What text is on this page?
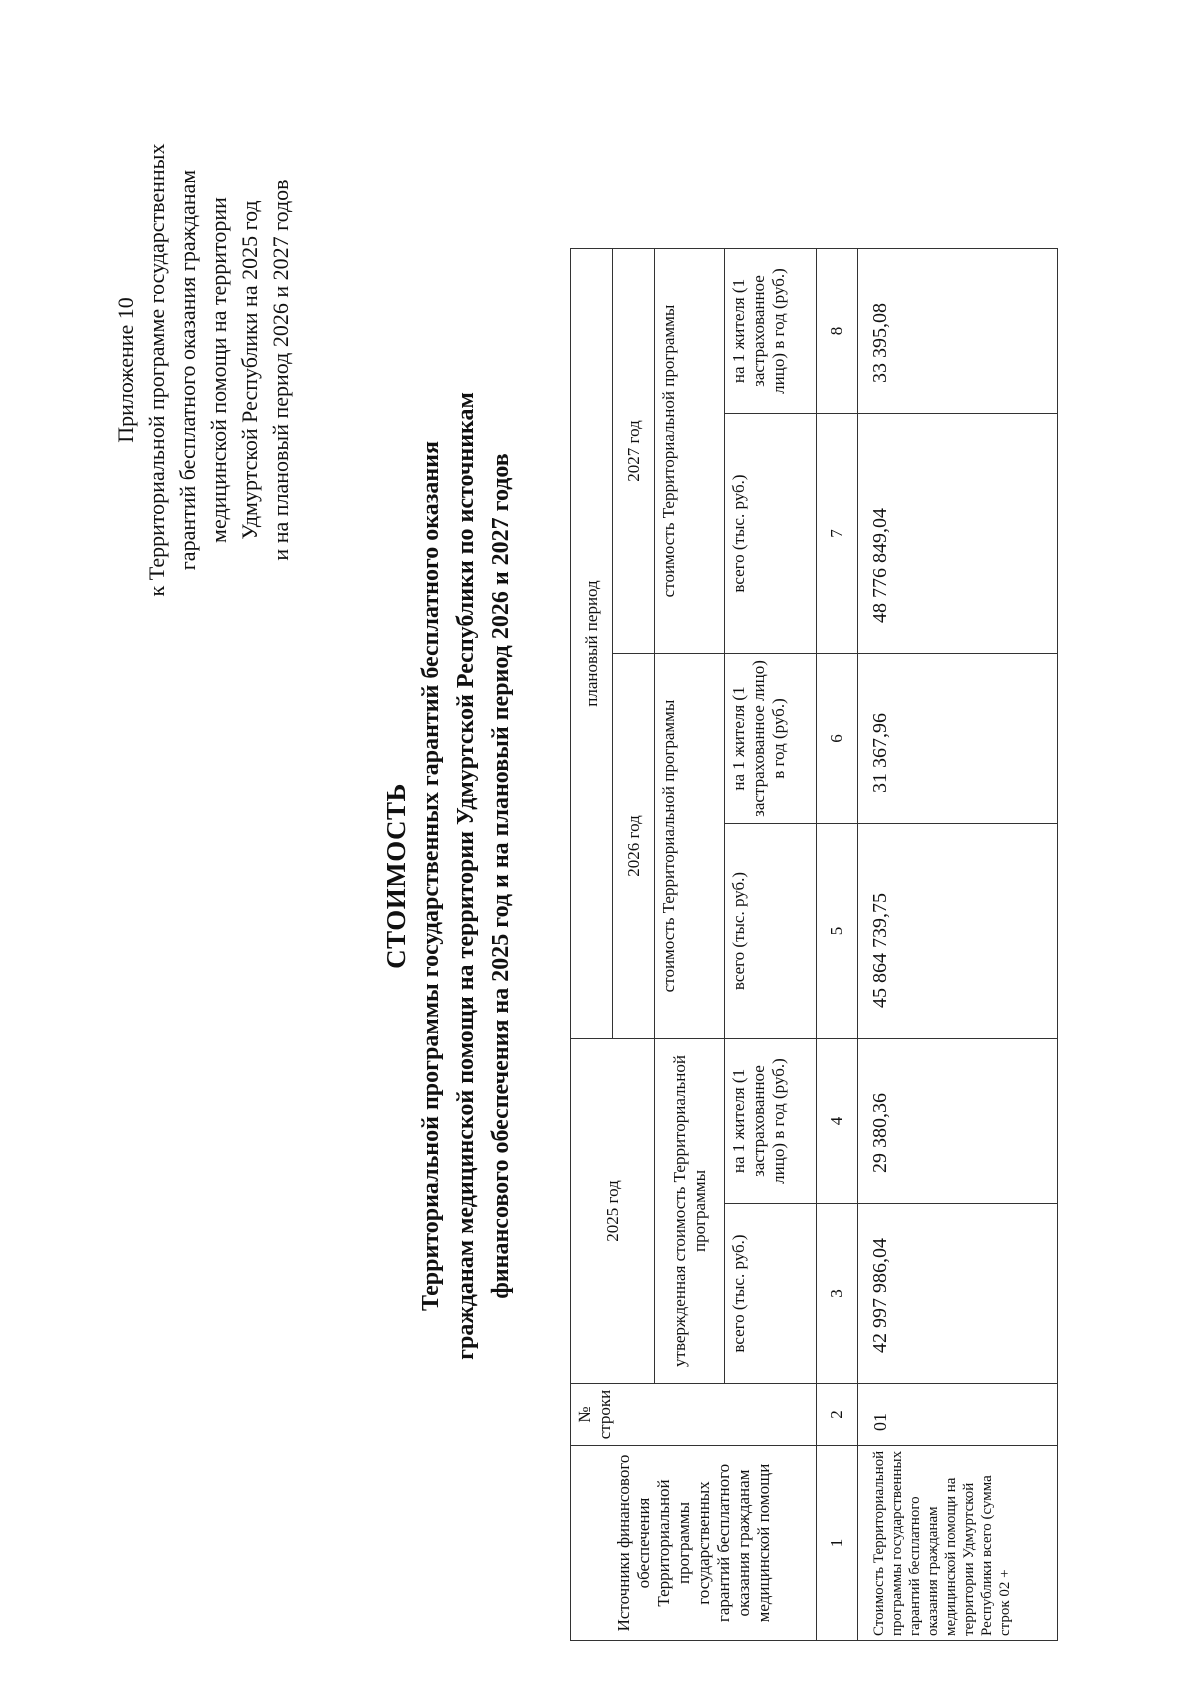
Приложение 10 к Территориальной программе государственных гарантий бесплатного оказания гражданам медицинской помощи на территории Удмуртской Республики на 2025 год и на плановый период 2026 и 2027 годов
СТОИМОСТЬ Территориальной программы государственных гарантий бесплатного оказания гражданам медицинской помощи на территории Удмуртской Республики по источникам финансового обеспечения на 2025 год и на плановый период 2026 и 2027 годов
Источники финансового обеспечения Территориальной программы государственных гарантий бесплатного оказания гражданам медицинской помощи	№ строки	2025 год		плановый период			
				2026 год		2027 год	
		утвержденная стоимость Территориальной программы		стоимость Территориальной программы		стоимость Территориальной программы	
		всего (тыс. руб.)	на 1 жителя (1 застрахованное лицо) в год (руб.)	всего (тыс. руб.)	на 1 жителя (1 застрахованное лицо) в год (руб.)	всего (тыс. руб.)	на 1 жителя (1 застрахованное лицо) в год (руб.)
1	2	3	4	5	6	7	8
Стоимость Территориальной программы государственных гарантий бесплатного оказания гражданам медицинской помощи на территории Удмуртской Республики всего (сумма строк 02 +	01	42 997 986,04	29 380,36	45 864 739,75	31 367,96	48 776 849,04	33 395,08
